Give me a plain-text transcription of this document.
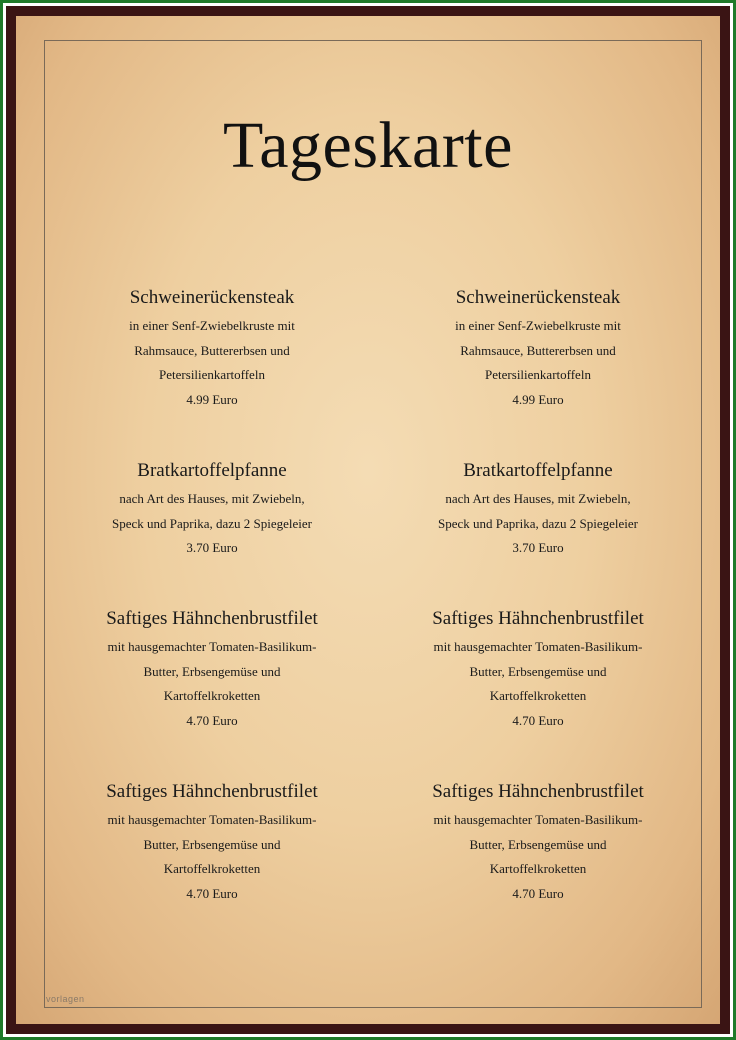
Tageskarte
Schweinerückensteak
in einer Senf-Zwiebelkruste mit
Rahmsauce, Buttererbsen und
Petersilienkartoffeln
4.99 Euro
Schweinerückensteak
in einer Senf-Zwiebelkruste mit
Rahmsauce, Buttererbsen und
Petersilienkartoffeln
4.99 Euro
Bratkartoffelpfanne
nach Art des Hauses, mit Zwiebeln,
Speck und Paprika, dazu 2 Spiegeleier
3.70 Euro
Bratkartoffelpfanne
nach Art des Hauses, mit Zwiebeln,
Speck und Paprika, dazu 2 Spiegeleier
3.70 Euro
Saftiges Hähnchenbrustfilet
mit hausgemachter Tomaten-Basilikum-
Butter, Erbsengemüse und
Kartoffelkroketten
4.70 Euro
Saftiges Hähnchenbrustfilet
mit hausgemachter Tomaten-Basilikum-
Butter, Erbsengemüse und
Kartoffelkroketten
4.70 Euro
Saftiges Hähnchenbrustfilet
mit hausgemachter Tomaten-Basilikum-
Butter, Erbsengemüse und
Kartoffelkroketten
4.70 Euro
Saftiges Hähnchenbrustfilet
mit hausgemachter Tomaten-Basilikum-
Butter, Erbsengemüse und
Kartoffelkroketten
4.70 Euro
vorlagen
